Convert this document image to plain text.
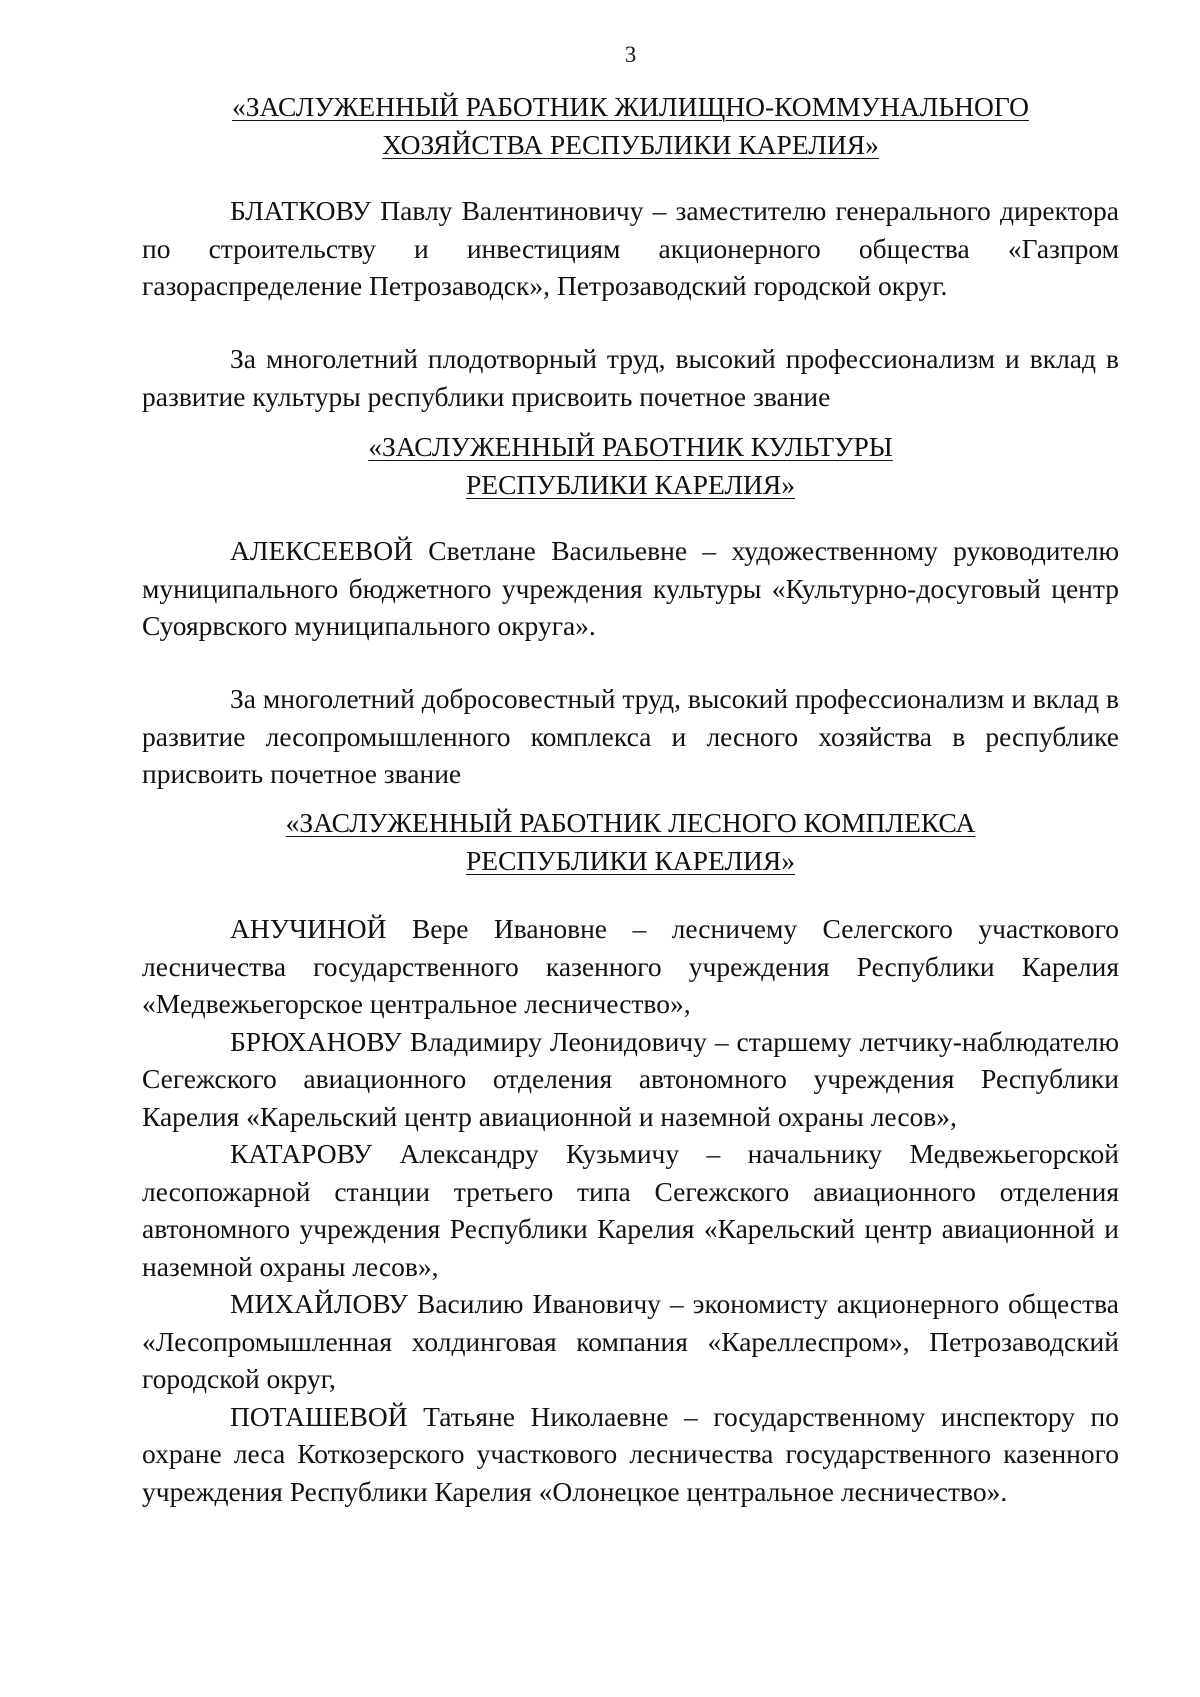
3
«ЗАСЛУЖЕННЫЙ РАБОТНИК ЖИЛИЩНО-КОММУНАЛЬНОГО
ХОЗЯЙСТВА РЕСПУБЛИКИ КАРЕЛИЯ»
БЛАТКОВУ Павлу Валентиновичу – заместителю генерального директора по строительству и инвестициям акционерного общества «Газпром газораспределение Петрозаводск», Петрозаводский городской округ.
За многолетний плодотворный труд, высокий профессионализм и вклад в развитие культуры республики присвоить почетное звание
«ЗАСЛУЖЕННЫЙ РАБОТНИК КУЛЬТУРЫ
РЕСПУБЛИКИ КАРЕЛИЯ»
АЛЕКСЕЕВОЙ Светлане Васильевне – художественному руководителю муниципального бюджетного учреждения культуры «Культурно-досуговый центр Суоярвского муниципального округа».
За многолетний добросовестный труд, высокий профессионализм и вклад в развитие лесопромышленного комплекса и лесного хозяйства в республике присвоить почетное звание
«ЗАСЛУЖЕННЫЙ РАБОТНИК ЛЕСНОГО КОМПЛЕКСА
РЕСПУБЛИКИ КАРЕЛИЯ»

АНУЧИНОЙ Вере Ивановне – лесничему Селегского участкового лесничества государственного казенного учреждения Республики Карелия «Медвежьегорское центральное лесничество»,

БРЮХАНОВУ Владимиру Леонидовичу – старшему летчику-наблюдателю Сегежского авиационного отделения автономного учреждения Республики Карелия «Карельский центр авиационной и наземной охраны лесов»,

КАТАРОВУ Александру Кузьмичу – начальнику Медвежьегорской лесопожарной станции третьего типа Сегежского авиационного отделения автономного учреждения Республики Карелия «Карельский центр авиационной и наземной охраны лесов»,

МИХАЙЛОВУ Василию Ивановичу – экономисту акционерного общества «Лесопромышленная холдинговая компания «Кареллеспром», Петрозаводский городской округ,

ПОТАШЕВОЙ Татьяне Николаевне – государственному инспектору по охране леса Коткозерского участкового лесничества государственного казенного учреждения Республики Карелия «Олонецкое центральное лесничество».
